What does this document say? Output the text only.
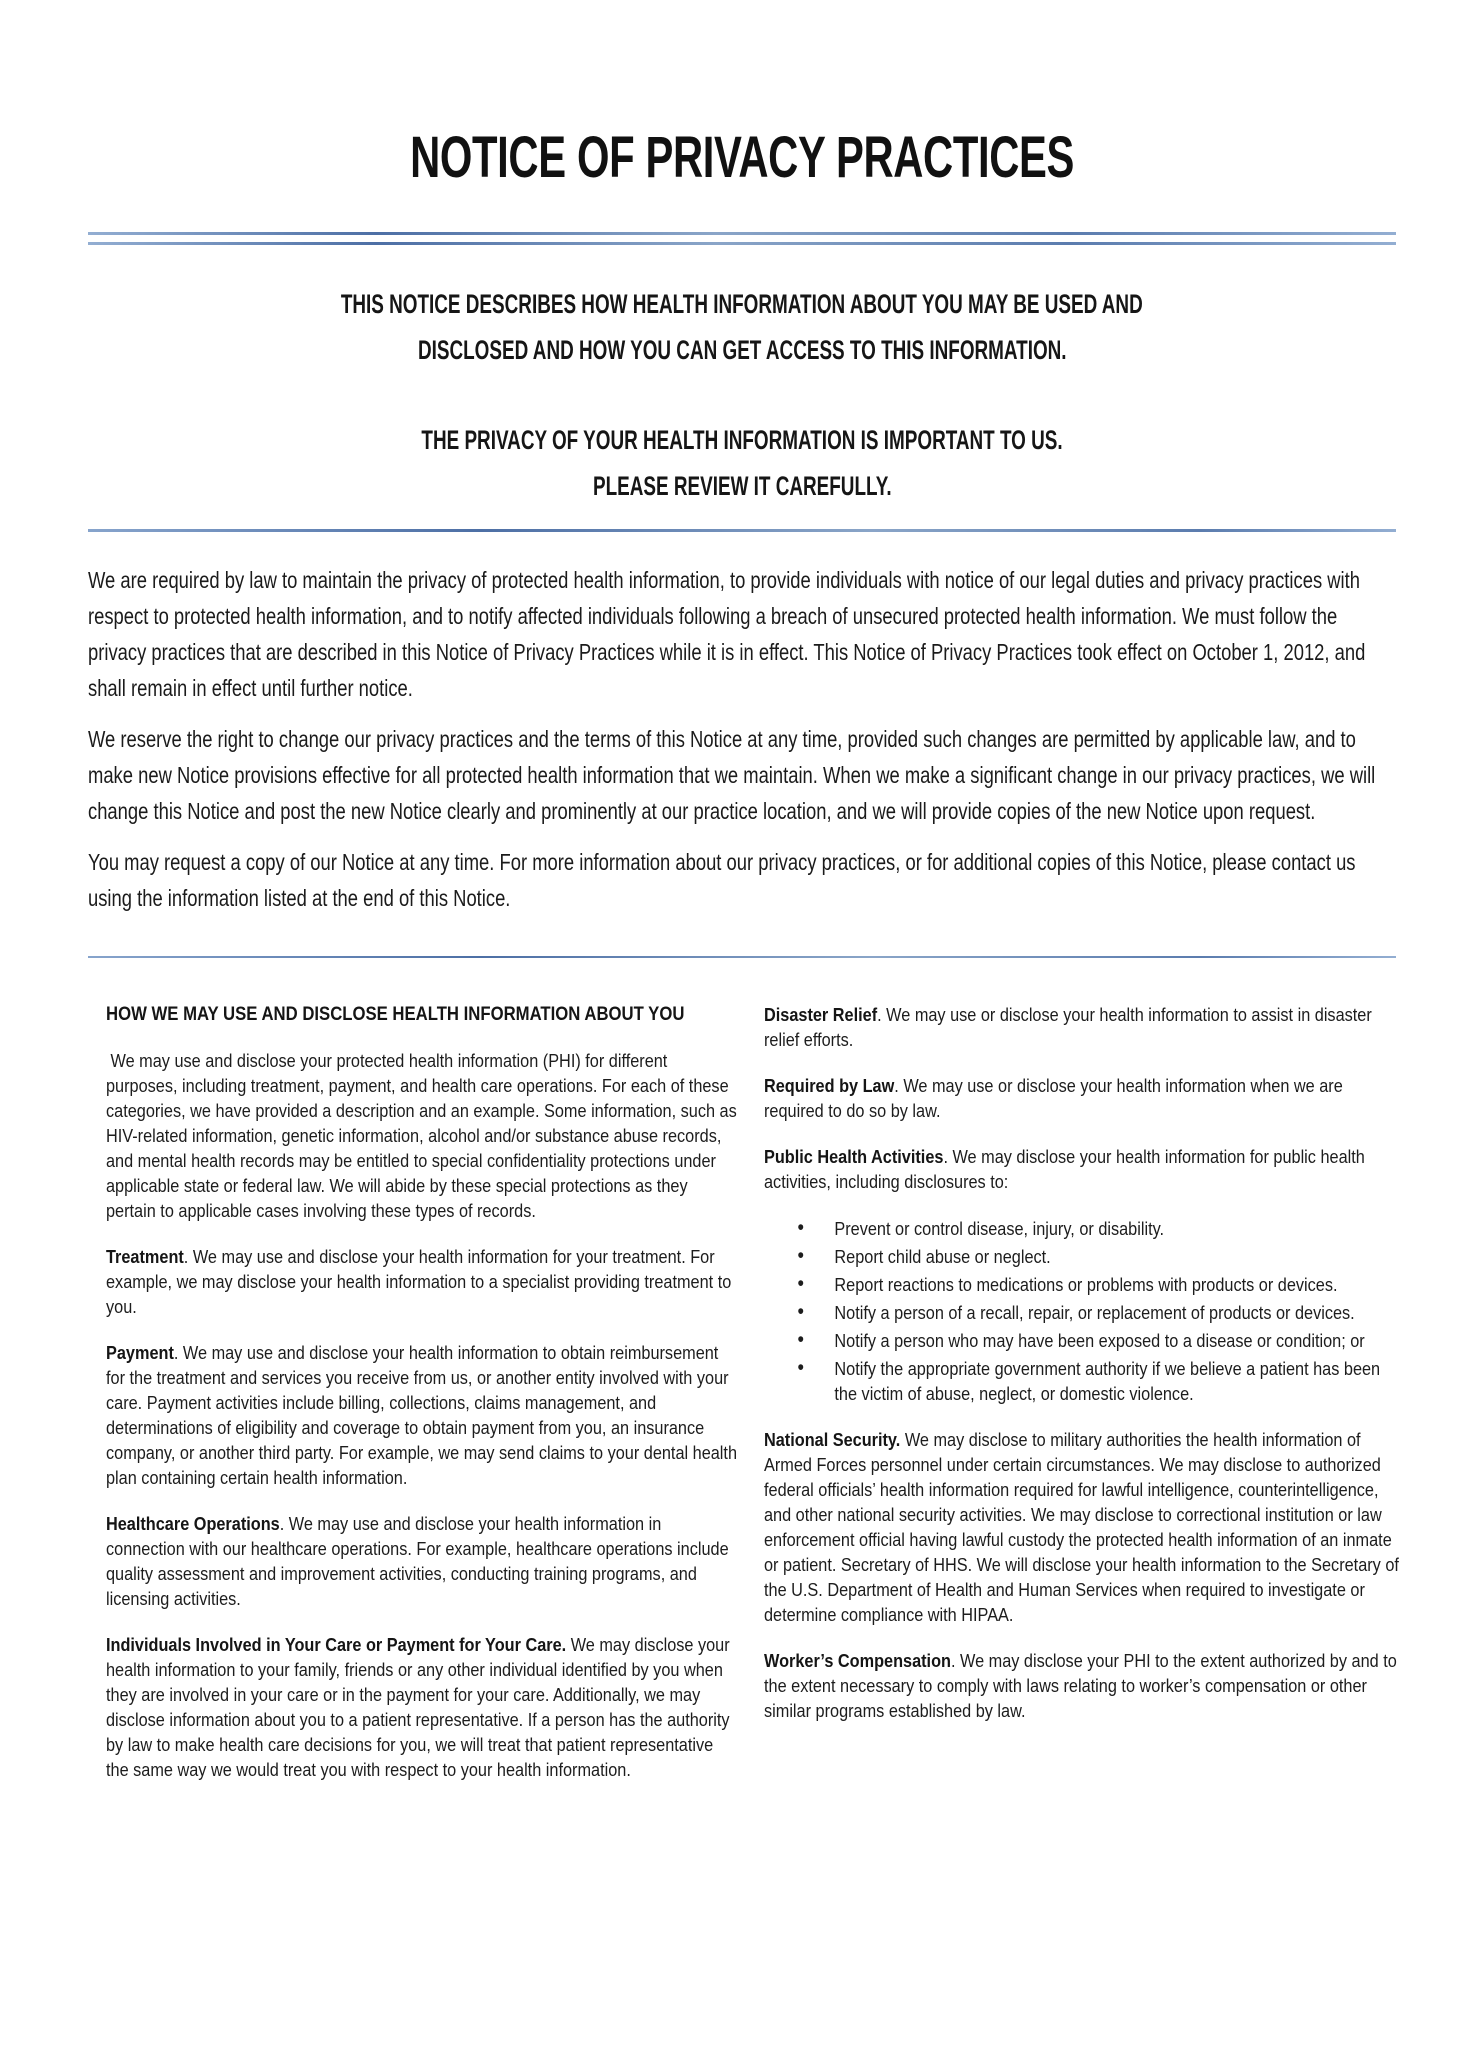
NOTICE OF PRIVACY PRACTICES
THIS NOTICE DESCRIBES HOW HEALTH INFORMATION ABOUT YOU MAY BE USED AND
DISCLOSED AND HOW YOU CAN GET ACCESS TO THIS INFORMATION.
THE PRIVACY OF YOUR HEALTH INFORMATION IS IMPORTANT TO US.
PLEASE REVIEW IT CAREFULLY.

We are required by law to maintain the privacy of protected health information, to provide individuals with notice of our legal duties and privacy practices with respect to protected health information, and to notify affected individuals following a breach of unsecured protected health information. We must follow the privacy practices that are described in this Notice of Privacy Practices while it is in effect. This Notice of Privacy Practices took effect on October 1, 2012, and shall remain in effect until further notice.

We reserve the right to change our privacy practices and the terms of this Notice at any time, provided such changes are permitted by applicable law, and to make new Notice provisions effective for all protected health information that we maintain. When we make a significant change in our privacy practices, we will change this Notice and post the new Notice clearly and prominently at our practice location, and we will provide copies of the new Notice upon request.

You may request a copy of our Notice at any time. For more information about our privacy practices, or for additional copies of this Notice, please contact us using the information listed at the end of this Notice.

HOW WE MAY USE AND DISCLOSE HEALTH INFORMATION ABOUT YOU

We may use and disclose your protected health information (PHI) for different purposes, including treatment, payment, and health care operations. For each of these categories, we have provided a description and an example. Some information, such as HIV-related information, genetic information, alcohol and/or substance abuse records, and mental health records may be entitled to special confidentiality protections under applicable state or federal law. We will abide by these special protections as they pertain to applicable cases involving these types of records.

Treatment. We may use and disclose your health information for your treatment. For example, we may disclose your health information to a specialist providing treatment to you.

Payment. We may use and disclose your health information to obtain reimbursement for the treatment and services you receive from us, or another entity involved with your care. Payment activities include billing, collections, claims management, and determinations of eligibility and coverage to obtain payment from you, an insurance company, or another third party. For example, we may send claims to your dental health plan containing certain health information.

Healthcare Operations. We may use and disclose your health information in connection with our healthcare operations. For example, healthcare operations include quality assessment and improvement activities, conducting training programs, and licensing activities.

Individuals Involved in Your Care or Payment for Your Care. We may disclose your health information to your family, friends or any other individual identified by you when they are involved in your care or in the payment for your care. Additionally, we may disclose information about you to a patient representative. If a person has the authority by law to make health care decisions for you, we will treat that patient representative the same way we would treat you with respect to your health information.

Disaster Relief. We may use or disclose your health information to assist in disaster relief efforts.

Required by Law. We may use or disclose your health information when we are required to do so by law.

Public Health Activities. We may disclose your health information for public health activities, including disclosures to:

• Prevent or control disease, injury, or disability.
• Report child abuse or neglect.
• Report reactions to medications or problems with products or devices.
• Notify a person of a recall, repair, or replacement of products or devices.
• Notify a person who may have been exposed to a disease or condition; or
• Notify the appropriate government authority if we believe a patient has been the victim of abuse, neglect, or domestic violence.

National Security. We may disclose to military authorities the health information of Armed Forces personnel under certain circumstances. We may disclose to authorized federal officials’ health information required for lawful intelligence, counterintelligence, and other national security activities. We may disclose to correctional institution or law enforcement official having lawful custody the protected health information of an inmate or patient. Secretary of HHS. We will disclose your health information to the Secretary of the U.S. Department of Health and Human Services when required to investigate or determine compliance with HIPAA.

Worker’s Compensation. We may disclose your PHI to the extent authorized by and to the extent necessary to comply with laws relating to worker’s compensation or other similar programs established by law.
